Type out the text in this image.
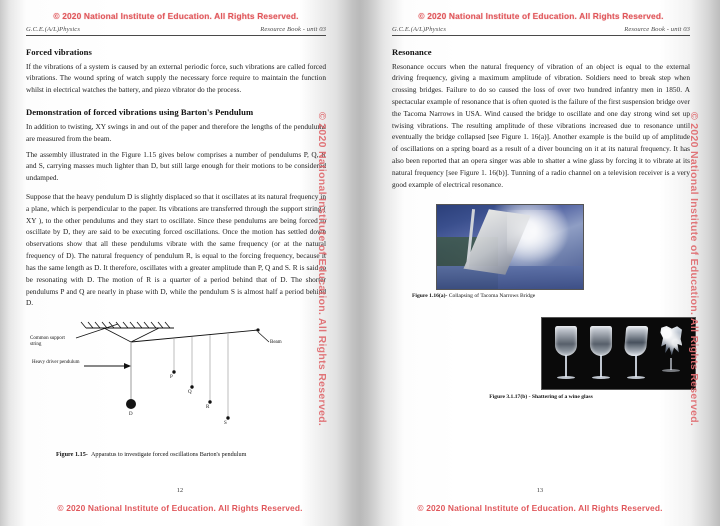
© 2020 National Institute of Education. All Rights Reserved.
G.C.E.(A/L)Physics	Resource Book - unit 03
Forced vibrations

If the vibrations of a system is caused by an external periodic force, such vibrations are called forced vibrations. The wound spring of watch supply the necessary force require to maintain the function whilst in electrical watches the battery, and piezo vibrator do the process.

Demonstration of forced vibrations using Barton's Pendulum

In addition to twisting, XY swings in and out of the paper and therefore the lengths of the pendulums are measured from the beam.

The assembly illustrated in the Figure 1.15 gives below comprises a number of pendulums P, Q, R and S, carrying masses much lighter than D, but still large enough for their motions to be considered undamped.

Suppose that the heavy pendulum D is slightly displaced so that it oscillates at its natural frequency in a plane, which is perpendicular to the paper. Its vibrations are transferred through the support string ( XY ), to the other pendulums and they start to oscillate. Since these pendulums are being forced to oscillate by D, they are said to be executing forced oscillations. Once the motion has settled down observations show that all these pendulums vibrate with the same frequency (or at the natural frequency of D). The natural frequency of pendulum R, is equal to the forcing frequency, because it has the same length as D. It therefore, oscillates with a greater amplitude than P, Q and S. R is said to be resonating with D. The motion of R is a quarter of a period behind that of D. The shorter pendulums P and Q are nearly in phase with D, while the pendulum S is almost half a period behind D.

Common support string
Heavy driver pendulum
Beam
D
P
Q
R
S
Figure 1.15- Apparatus to investigate forced oscillations Barton's pendulum
12
© 2020 National Institute of Education. All Rights Reserved.
© 2020 National Institute of Education. All Rights Reserved.
G.C.E.(A/L)Physics	Resource Book - unit 03
Resonance

Resonance occurs when the natural frequency of vibration of an object is equal to the external driving frequency, giving a maximum amplitude of vibration. Soldiers need to break step when crossing bridges. Failure to do so caused the loss of over two hundred infantry men in 1850. A spectacular example of resonance that is often quoted is the failure of the first suspension bridge over the Tacoma Narrows in USA. Wind caused the bridge to oscillate and one day strong wind set up twising vibrations. The resulting amplitude of these vibrations increased due to resonance until eventually the bridge collapsed [see Figure 1. 16(a)]. Another example is the build up of amplitude of oscillations on a spring board as a result of a diver bouncing on it at its natural frequency. It has also been reported that an opera singer was able to shatter a wine glass by forcing it to vibrate at its natural frequency [see Figure 1. 16(b)]. Tunning of a radio channel on a television receiver is a very good example of electrical resonance.

Figure 1.16(a)- Collapsing of Tacoma Narrows Bridge
Figure 3.1.17(b) - Shattering of a wine glass
13
© 2020 National Institute of Education. All Rights Reserved.
© 2020 National Institute of Education. All Rights Reserved.	© 2020 National Institute of Education. All Rights Reserved.
